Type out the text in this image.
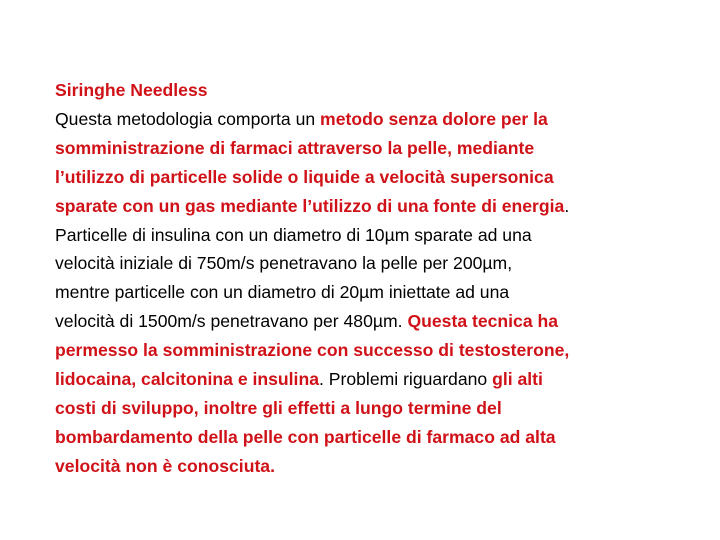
Siringhe Needless
Questa metodologia comporta un metodo senza dolore per la
somministrazione di farmaci attraverso la pelle, mediante
l’utilizzo di particelle solide o liquide a velocità supersonica
sparate con un gas mediante l’utilizzo di una fonte di energia.
Particelle di insulina con un diametro di 10µm sparate ad una
velocità iniziale di 750m/s penetravano la pelle per 200µm,
mentre particelle con un diametro di 20µm iniettate ad una
velocità di 1500m/s penetravano per 480µm. Questa tecnica ha
permesso la somministrazione con successo di testosterone,
lidocaina, calcitonina e insulina. Problemi riguardano gli alti
costi di sviluppo, inoltre gli effetti a lungo termine del
bombardamento della pelle con particelle di farmaco ad alta
velocità non è conosciuta.
